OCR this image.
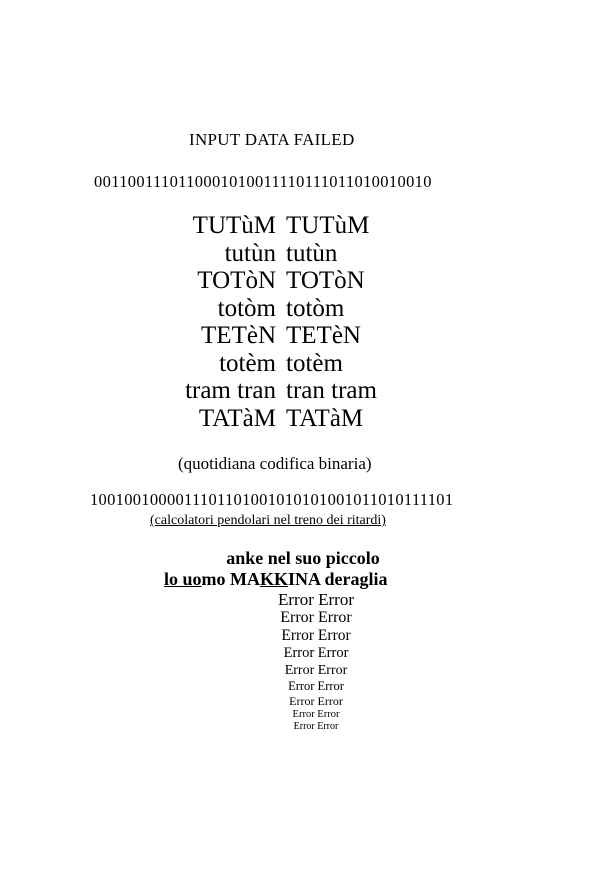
INPUT DATA FAILED
0011001110110001010011110111011010010010
TUTùM TUTùM
tutùn tutùn
TOTòN TOTòN
totòm totòm
TETèN TETèN
totèm totèm
tram tran tran tram
TATàM TATàM
(quotidiana codifica binaria)
1001001000011101101001010101001011010111101
(calcolatori pendolari nel treno dei ritardi)
anke nel suo piccolo
lo uomo MAKKINA deraglia
Error Error
Error Error
Error Error
Error Error
Error Error
Error Error
Error Error
Error Error
Error Error
